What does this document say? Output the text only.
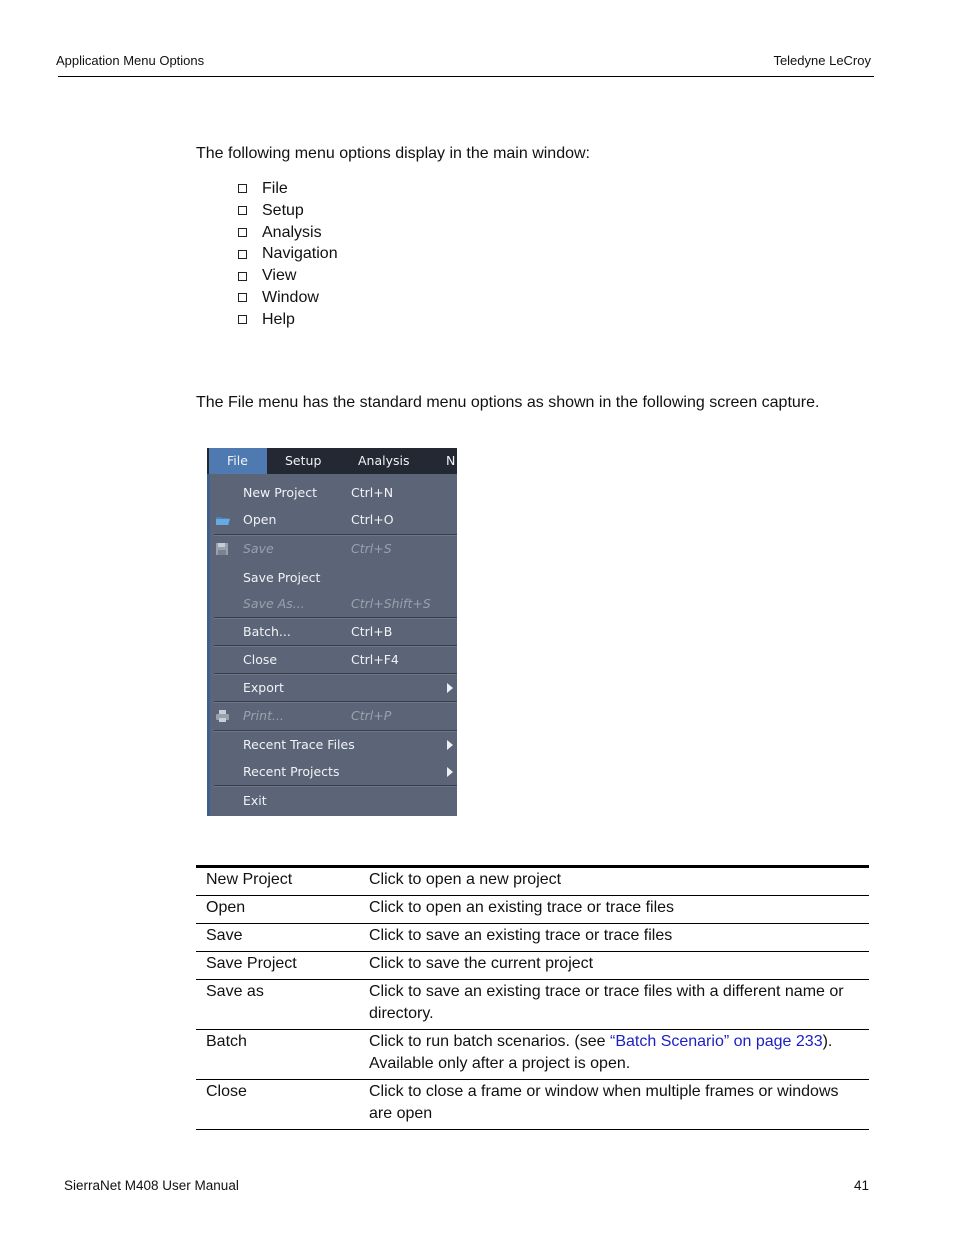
Application Menu Options	Teledyne LeCroy
The following menu options display in the main window:
File
Setup
Analysis
Navigation
View
Window
Help
The File menu has the standard menu options as shown in the following screen capture.
File	Setup	Analysis	N
New Project	Ctrl+N
Open	Ctrl+O
Save	Ctrl+S
Save Project
Save As...	Ctrl+Shift+S
Batch...	Ctrl+B
Close	Ctrl+F4
Export
Print...	Ctrl+P
Recent Trace Files
Recent Projects
Exit
New Project	Click to open a new project
Open	Click to open an existing trace or trace files
Save	Click to save an existing trace or trace files
Save Project	Click to save the current project
Save as	Click to save an existing trace or trace files with a different name or directory.
Batch	Click to run batch scenarios. (see “Batch Scenario” on page 233). Available only after a project is open.
Close	Click to close a frame or window when multiple frames or windows are open
SierraNet M408 User Manual	41
